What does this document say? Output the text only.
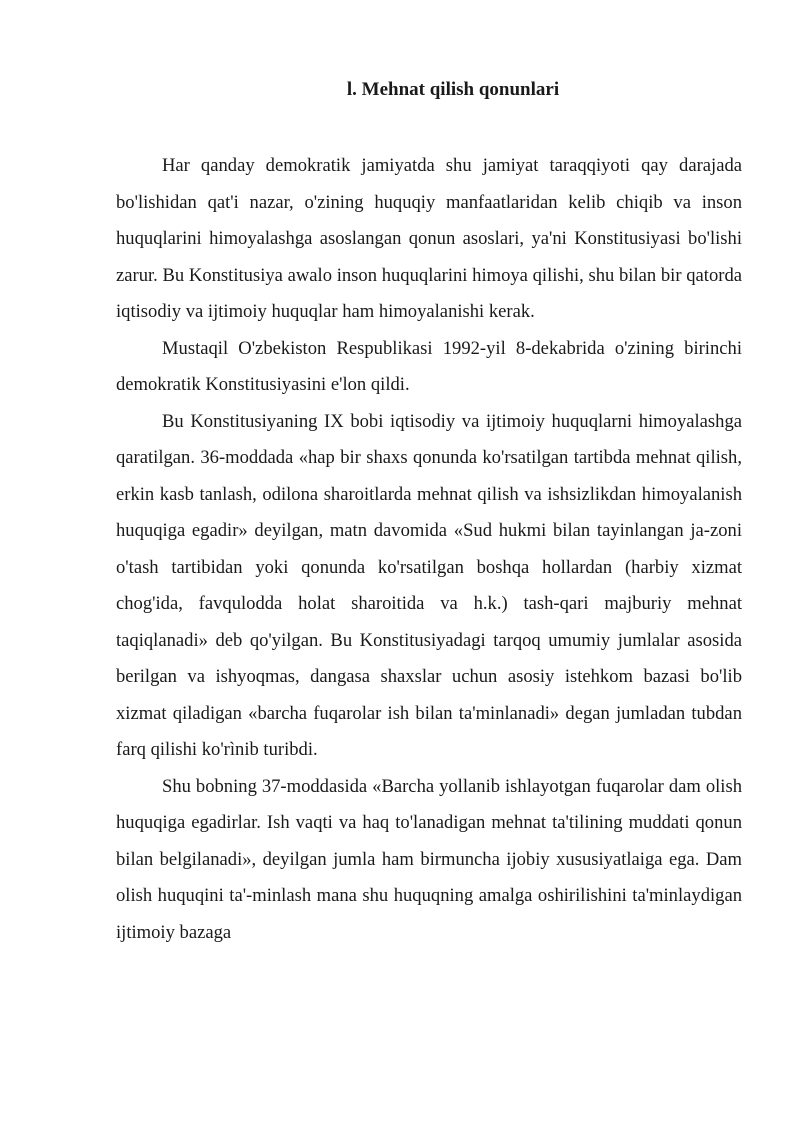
l. Mehnat qilish qonunlari

Har qanday demokratik jamiyatda shu jamiyat taraqqiyoti qay darajada bo'lishidan qat'i nazar, o'zining huquqiy manfaatlaridan kelib chiqib va inson huquqlarini himoyalashga asoslangan qonun asoslari, ya'ni Konstitusiyasi bo'lishi zarur. Bu Konstitusiya awalo inson huquqlarini himoya qilishi, shu bilan bir qatorda iqtisodiy va ijtimoiy huquqlar ham himoyalanishi kerak.

Mustaqil O'zbekiston Respublikasi 1992-yil 8-dekabrida o'zining birinchi demokratik Konstitusiyasini e'lon qildi.

Bu Konstitusiyaning IX bobi iqtisodiy va ijtimoiy huquqlarni himoyalashga qaratilgan. 36-moddada «hap bir shaxs qonunda ko'rsatilgan tartibda mehnat qilish, erkin kasb tanlash, odilona sharoitlarda mehnat qilish va ishsizlikdan himoyalanish huquqiga egadir» deyilgan, matn davomida «Sud hukmi bilan tayinlangan ja-zoni o'tash tartibidan yoki qonunda ko'rsatilgan boshqa hollardan (harbiy xizmat chog'ida, favqulodda holat sharoitida va h.k.) tash-qari majburiy mehnat taqiqlanadi» deb qo'yilgan. Bu Konstitusiyadagi tarqoq umumiy jumlalar asosida berilgan va ishyoqmas, dangasa shaxslar uchun asosiy istehkom bazasi bo'lib xizmat qiladigan «barcha fuqarolar ish bilan ta'minlanadi» degan jumladan tubdan farq qilishi ko'rìnib turibdi.

Shu bobning 37-moddasida «Barcha yollanib ishlayotgan fuqarolar dam olish huquqiga egadirlar. Ish vaqti va haq to'lanadigan mehnat ta'tilining muddati qonun bilan belgilanadi», deyilgan jumla ham birmuncha ijobiy xususiyatlaiga ega. Dam olish huquqini ta'-minlash mana shu huquqning amalga oshirilishini ta'minlaydigan ijtimoiy bazaga
